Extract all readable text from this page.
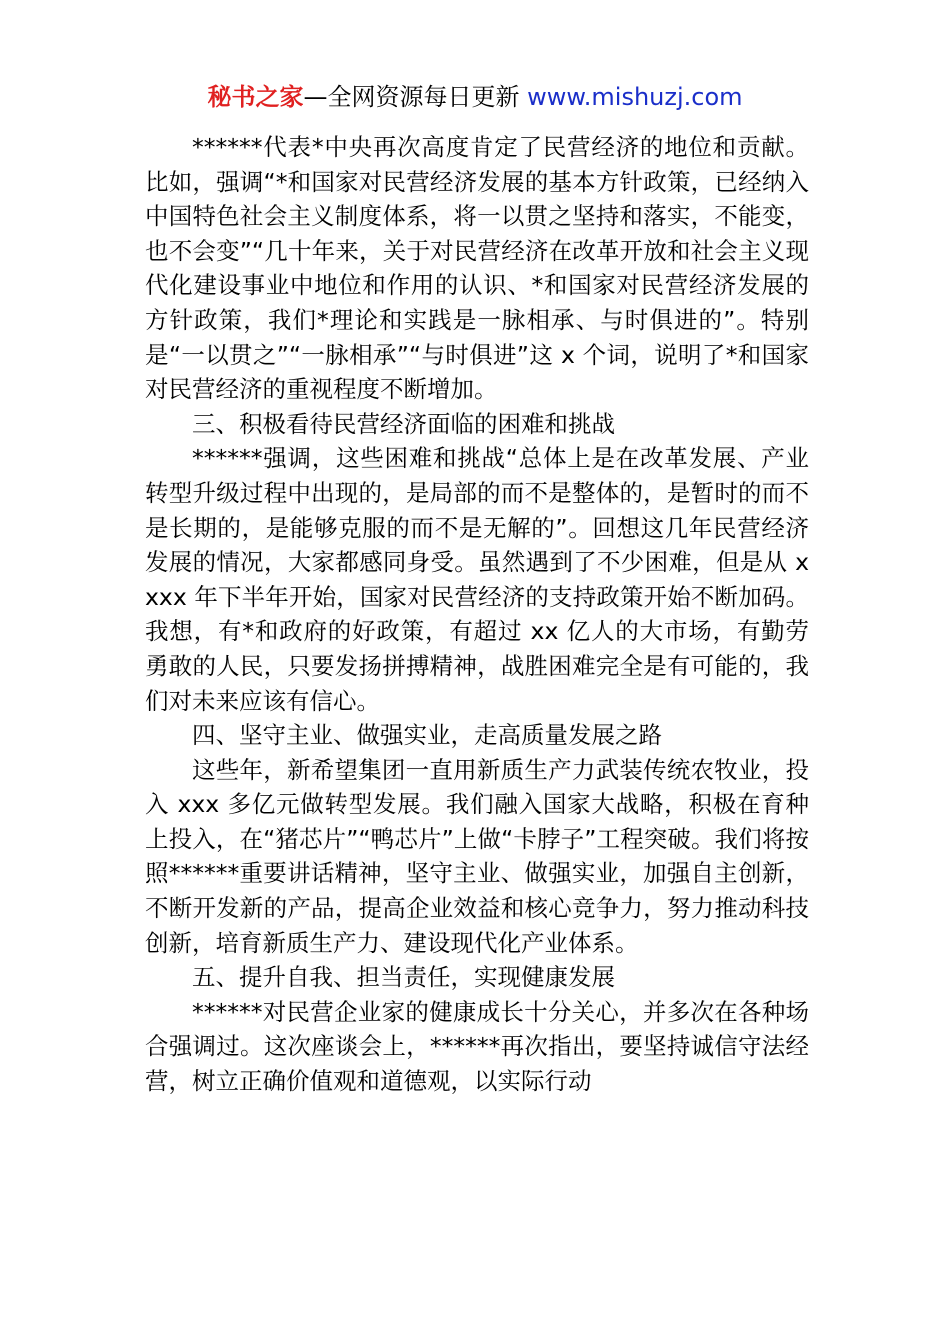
秘书之家—全网资源每日更新 www.mishuzj.com

******代表*中央再次高度肯定了民营经济的地位和贡献。比如，强调“*和国家对民营经济发展的基本方针政策，已经纳入中国特色社会主义制度体系，将一以贯之坚持和落实，不能变，也不会变”“几十年来，关于对民营经济在改革开放和社会主义现代化建设事业中地位和作用的认识、*和国家对民营经济发展的方针政策，我们*理论和实践是一脉相承、与时俱进的”。特别是“一以贯之”“一脉相承”“与时俱进”这 x 个词，说明了*和国家对民营经济的重视程度不断增加。

三、积极看待民营经济面临的困难和挑战

******强调，这些困难和挑战“总体上是在改革发展、产业转型升级过程中出现的，是局部的而不是整体的，是暂时的而不是长期的，是能够克服的而不是无解的”。回想这几年民营经济发展的情况，大家都感同身受。虽然遇到了不少困难，但是从 xxxx 年下半年开始，国家对民营经济的支持政策开始不断加码。我想，有*和政府的好政策，有超过 xx 亿人的大市场，有勤劳勇敢的人民，只要发扬拼搏精神，战胜困难完全是有可能的，我们对未来应该有信心。

四、坚守主业、做强实业，走高质量发展之路

这些年，新希望集团一直用新质生产力武装传统农牧业，投入 xxx 多亿元做转型发展。我们融入国家大战略，积极在育种上投入，在“猪芯片”“鸭芯片”上做“卡脖子”工程突破。我们将按照******重要讲话精神，坚守主业、做强实业，加强自主创新，不断开发新的产品，提高企业效益和核心竞争力，努力推动科技创新，培育新质生产力、建设现代化产业体系。

五、提升自我、担当责任，实现健康发展

******对民营企业家的健康成长十分关心，并多次在各种场合强调过。这次座谈会上，******再次指出，要坚持诚信守法经营，树立正确价值观和道德观，以实际行动
